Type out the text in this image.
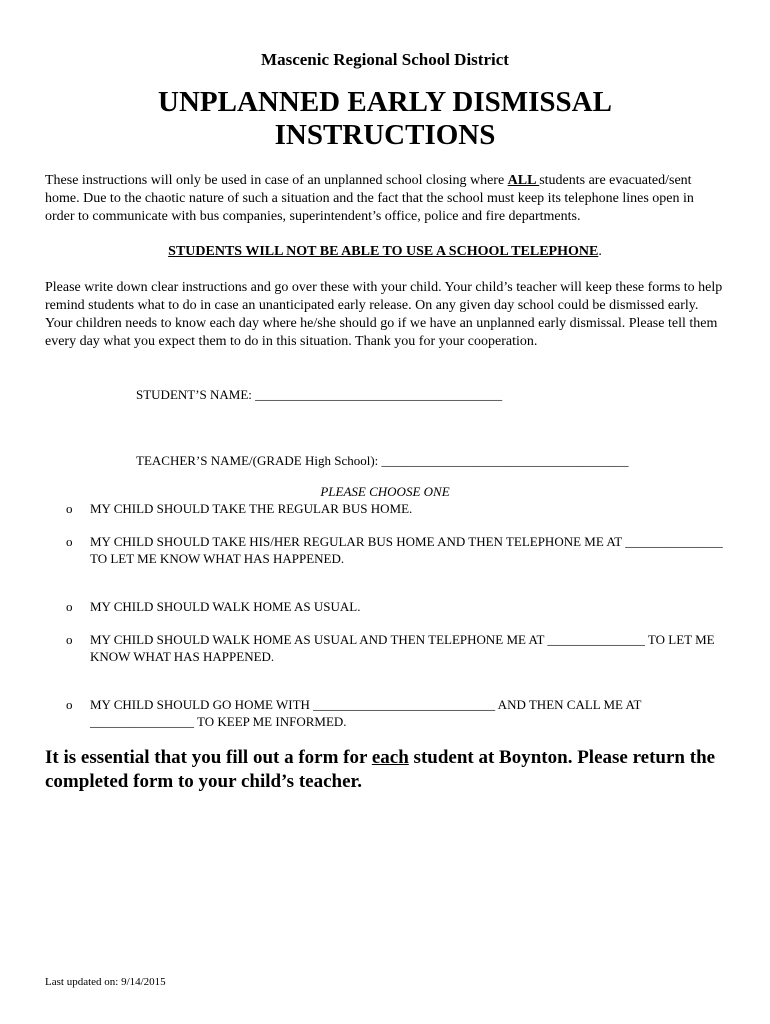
Mascenic Regional School District
UNPLANNED EARLY DISMISSAL
INSTRUCTIONS
These instructions will only be used in case of an unplanned school closing where ALL students are evacuated/sent home. Due to the chaotic nature of such a situation and the fact that the school must keep its telephone lines open in order to communicate with bus companies, superintendent’s office, police and fire departments.
STUDENTS WILL NOT BE ABLE TO USE A SCHOOL TELEPHONE.
Please write down clear instructions and go over these with your child. Your child’s teacher will keep these forms to help remind students what to do in case an unanticipated early release. On any given day school could be dismissed early. Your children needs to know each day where he/she should go if we have an unplanned early dismissal. Please tell them every day what you expect them to do in this situation. Thank you for your cooperation.
STUDENT’S NAME: ______________________________________
TEACHER’S NAME/(GRADE High School): ______________________________________
PLEASE CHOOSE ONE
o	MY CHILD SHOULD TAKE THE REGULAR BUS HOME.
o	MY CHILD SHOULD TAKE HIS/HER REGULAR BUS HOME AND THEN TELEPHONE ME AT _______________ TO LET ME KNOW WHAT HAS HAPPENED.
o	MY CHILD SHOULD WALK HOME AS USUAL.
o	MY CHILD SHOULD WALK HOME AS USUAL AND THEN TELEPHONE ME AT _______________ TO LET ME KNOW WHAT HAS HAPPENED.
o	MY CHILD SHOULD GO HOME WITH ____________________________ AND THEN CALL ME AT ________________ TO KEEP ME INFORMED.
It is essential that you fill out a form for each student at Boynton. Please return the completed form to your child’s teacher.
Last updated on: 9/14/2015
